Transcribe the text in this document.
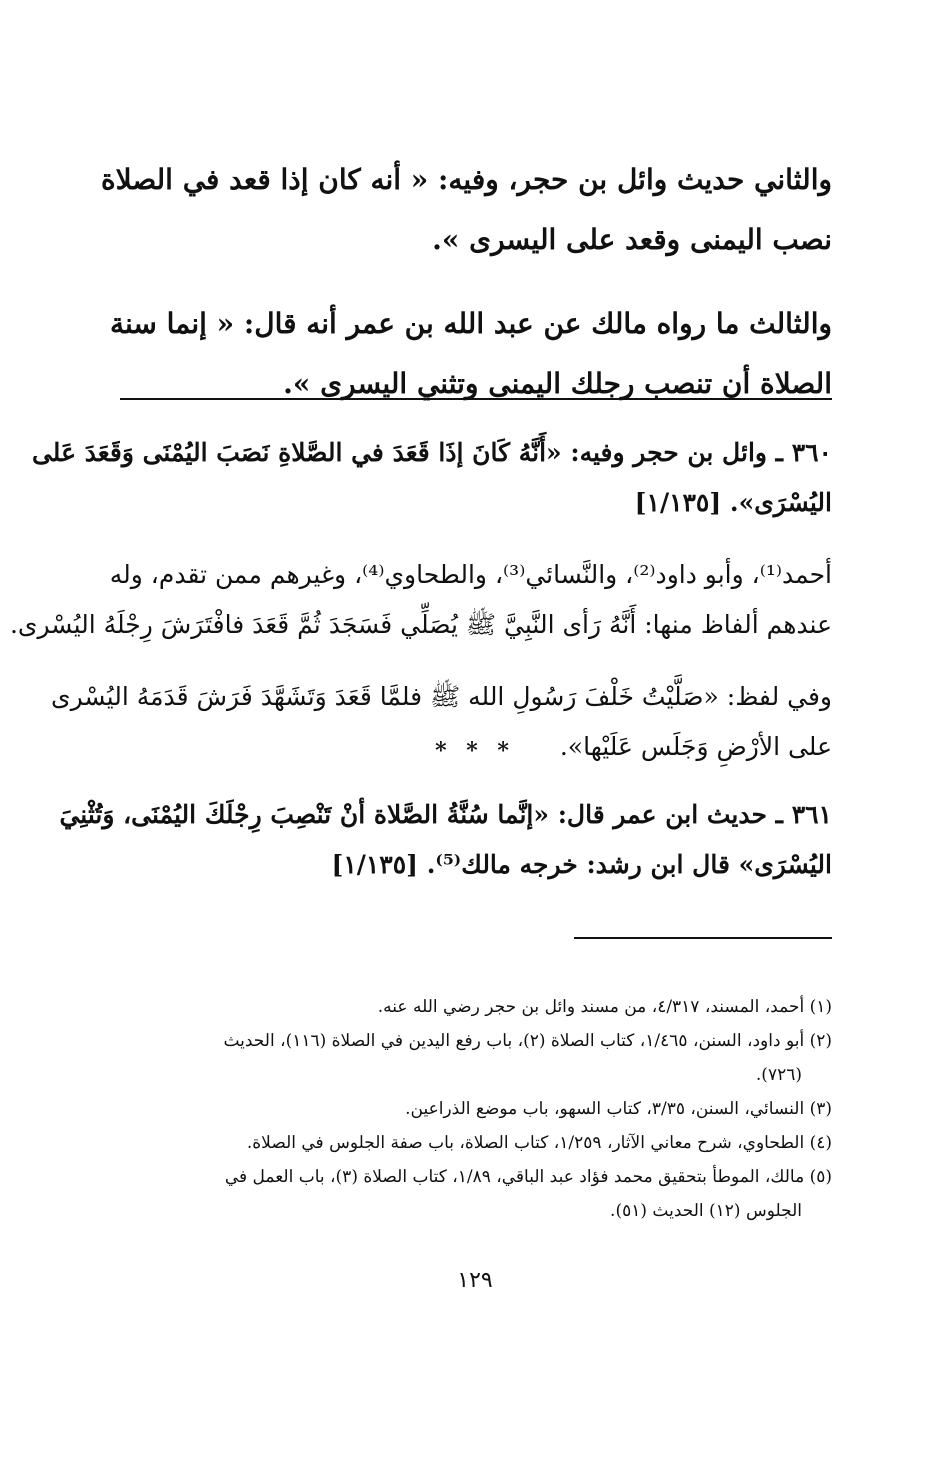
والثاني حديث وائل بن حجر، وفيه: « أنه كان إذا قعد في الصلاة
نصب اليمنى وقعد على اليسرى ».
والثالث ما رواه مالك عن عبد الله بن عمر أنه قال: « إنما سنة
الصلاة أن تنصب رجلك اليمنى وتثني اليسرى ».
٣٦٠ ـ وائل بن حجر وفيه: «أَنَّهُ كَانَ إذَا قَعَدَ في الصَّلاةِ نَصَبَ اليُمْنَى وَقَعَدَ عَلى
اليُسْرَى». [١/١٣٥]
أحمد⁽¹⁾، وأبو داود⁽²⁾، والنَّسائي⁽³⁾، والطحاوي⁽⁴⁾، وغيرهم ممن تقدم، وله
عندهم ألفاظ منها: أَنَّهُ رَأى النَّبِيَّ ﷺ يُصَلِّي فَسَجَدَ ثُمَّ قَعَدَ فافْتَرَشَ رِجْلَهُ اليُسْرى.
وفي لفظ: «صَلَّيْتُ خَلْفَ رَسُولِ الله ﷺ فلمَّا قَعَدَ وَتَشَهَّدَ فَرَشَ قَدَمَهُ اليُسْرى
على الأرْضِ وَجَلَس عَلَيْها».
* * *
٣٦١ ـ حديث ابن عمر قال: «إنَّما سُنَّةُ الصَّلاة أنْ تَنْصِبَ رِجْلَكَ اليُمْنَى، وَتُثْنِيَ
اليُسْرَى» قال ابن رشد: خرجه مالك⁽⁵⁾. [١/١٣٥]
(١) أحمد، المسند، ٤/٣١٧، من مسند وائل بن حجر رضي الله عنه.
(٢) أبو داود، السنن، ١/٤٦٥، كتاب الصلاة (٢)، باب رفع اليدين في الصلاة (١١٦)، الحديث
(٧٢٦).
(٣) النسائي، السنن، ٣/٣٥، كتاب السهو، باب موضع الذراعين.
(٤) الطحاوي، شرح معاني الآثار، ١/٢٥٩، كتاب الصلاة، باب صفة الجلوس في الصلاة.
(٥) مالك، الموطأ بتحقيق محمد فؤاد عبد الباقي، ١/٨٩، كتاب الصلاة (٣)، باب العمل في
الجلوس (١٢) الحديث (٥١).
١٢٩
